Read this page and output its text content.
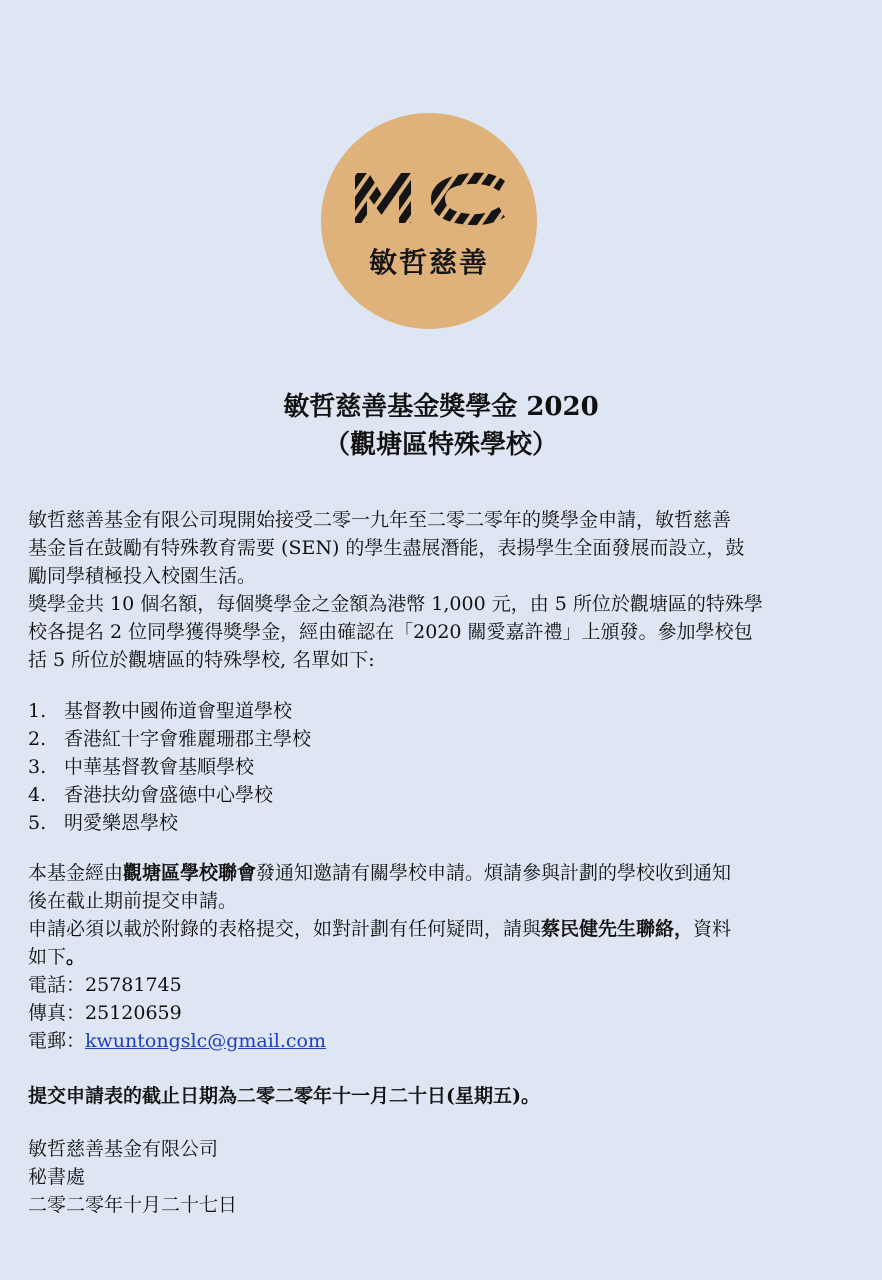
敏哲慈善
敏哲慈善基金獎學金 2020
（觀塘區特殊學校）
敏哲慈善基金有限公司現開始接受二零一九年至二零二零年的獎學金申請，敏哲慈善
基金旨在鼓勵有特殊教育需要 (SEN) 的學生盡展潛能，表揚學生全面發展而設立，鼓
勵同學積極投入校園生活。
獎學金共 10 個名額，每個獎學金之金額為港幣 1,000 元，由 5 所位於觀塘區的特殊學
校各提名 2 位同學獲得獎學金，經由確認在「2020 關愛嘉許禮」上頒發。參加學校包
括 5 所位於觀塘區的特殊學校, 名單如下:
1. 基督教中國佈道會聖道學校
2. 香港紅十字會雅麗珊郡主學校
3. 中華基督教會基順學校
4. 香港扶幼會盛德中心學校
5. 明愛樂恩學校
本基金經由觀塘區學校聯會發通知邀請有關學校申請。煩請參與計劃的學校收到通知
後在截止期前提交申請。
申請必須以載於附錄的表格提交，如對計劃有任何疑問，請與蔡民健先生聯絡，資料
如下。
電話：25781745
傳真：25120659
電郵：kwuntongslc@gmail.com
提交申請表的截止日期為二零二零年十一月二十日(星期五)。
敏哲慈善基金有限公司
秘書處
二零二零年十月二十七日
